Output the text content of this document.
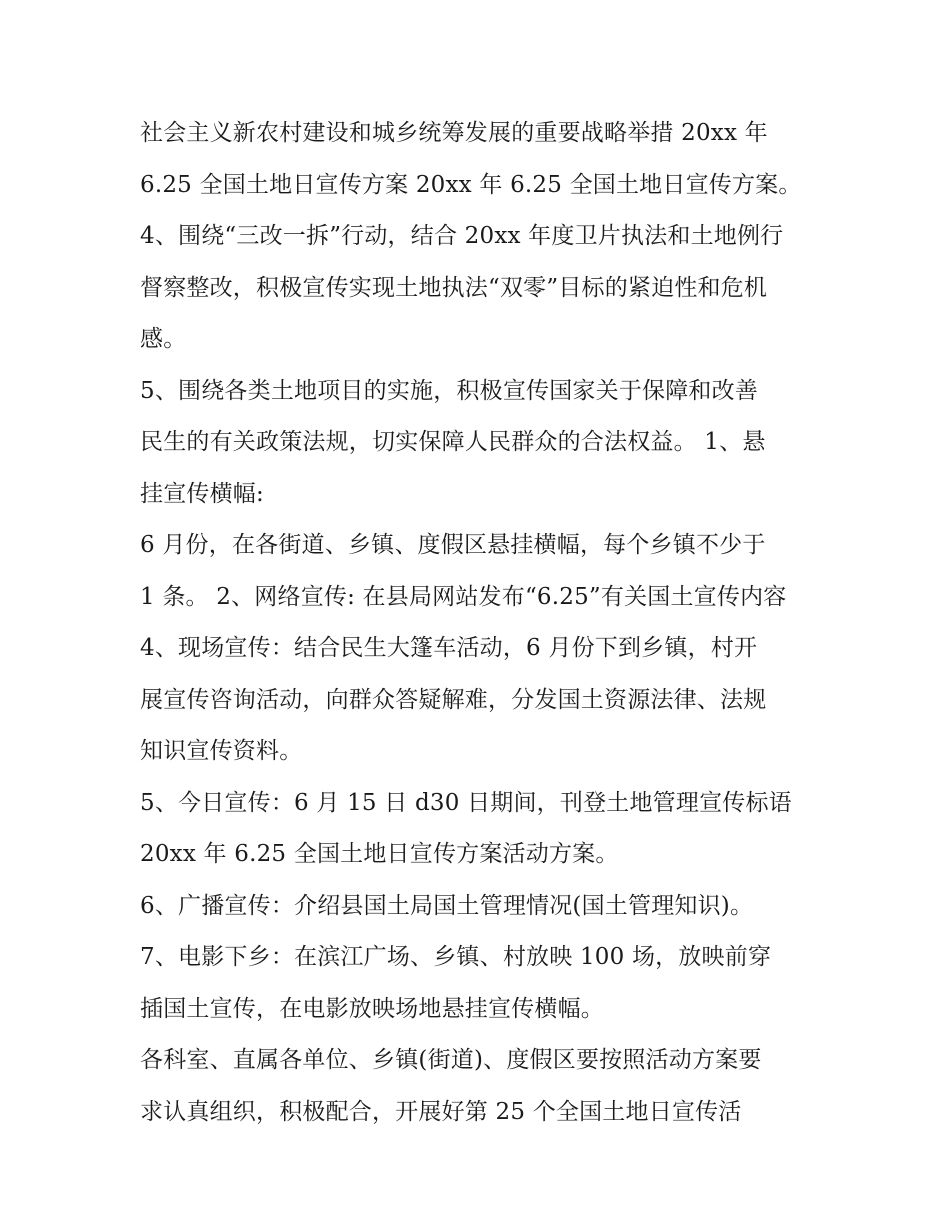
社会主义新农村建设和城乡统筹发展的重要战略举措 20xx 年
6.25 全国土地日宣传方案 20xx 年 6.25 全国土地日宣传方案。
4、围绕“三改一拆”行动，结合 20xx 年度卫片执法和土地例行
督察整改，积极宣传实现土地执法“双零”目标的紧迫性和危机
感。
5、围绕各类土地项目的实施，积极宣传国家关于保障和改善
民生的有关政策法规，切实保障人民群众的合法权益。 1、悬
挂宣传横幅:
6 月份，在各街道、乡镇、度假区悬挂横幅，每个乡镇不少于
1 条。 2、网络宣传: 在县局网站发布“6.25”有关国土宣传内容
4、现场宣传：结合民生大篷车活动，6 月份下到乡镇，村开
展宣传咨询活动，向群众答疑解难，分发国土资源法律、法规
知识宣传资料。
5、今日宣传：6 月 15 日 d30 日期间，刊登土地管理宣传标语
20xx 年 6.25 全国土地日宣传方案活动方案。
6、广播宣传：介绍县国土局国土管理情况(国土管理知识)。
7、电影下乡：在滨江广场、乡镇、村放映 100 场，放映前穿
插国土宣传，在电影放映场地悬挂宣传横幅。
各科室、直属各单位、乡镇(街道)、度假区要按照活动方案要
求认真组织，积极配合，开展好第 25 个全国土地日宣传活
